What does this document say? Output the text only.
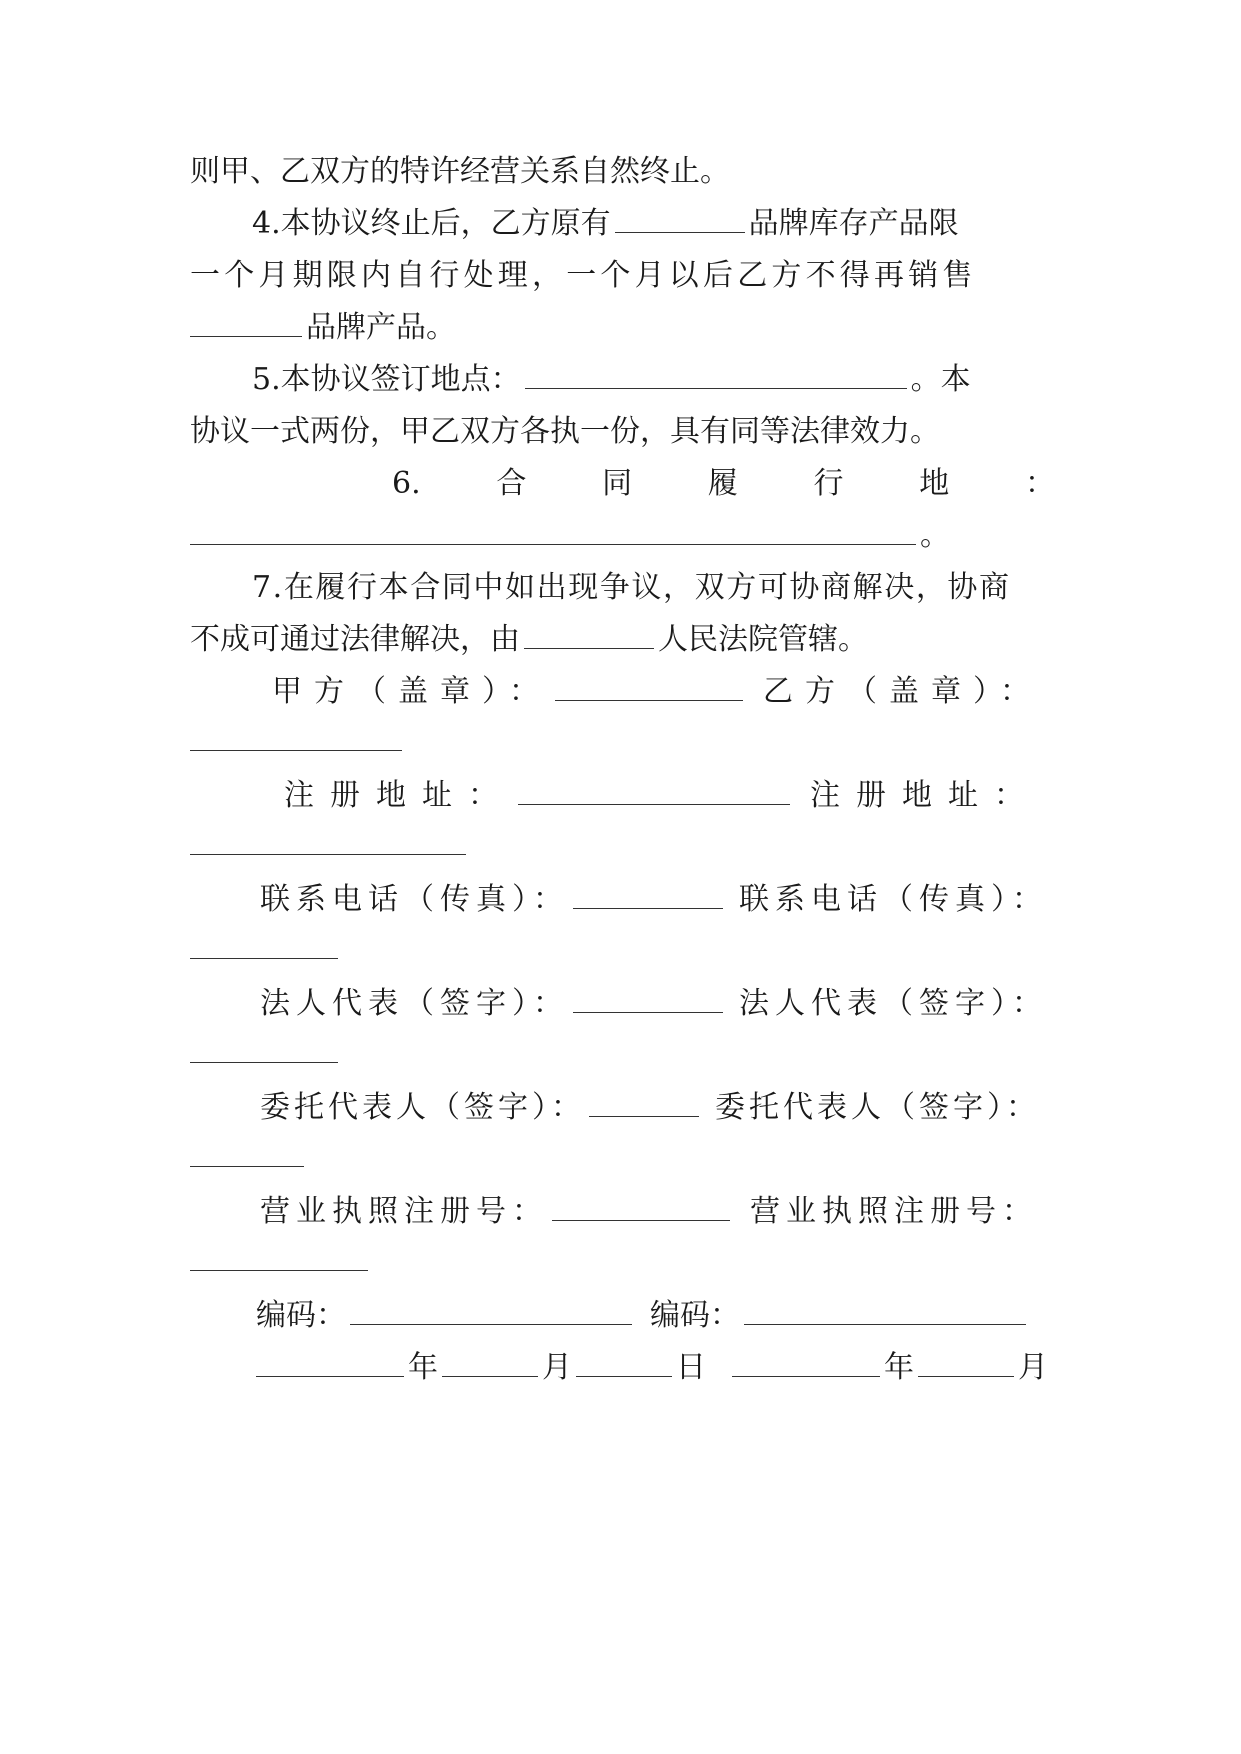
则甲、乙双方的特许经营关系自然终止。
4.本协议终止后，乙方原有	品牌库存产品限
一个月期限内自行处理，一个月以后乙方不得再销售
品牌产品。
5.本协议签订地点：	。本
协议一式两份，甲乙双方各执一份，具有同等法律效力。
6.	合	同	履	行	地	：
。
7.在履行本合同中如出现争议，双方可协商解决，协商
不成可通过法律解决，由	人民法院管辖。
甲方（盖章）：	乙方（盖章）：
注册地址：	注册地址：
联系电话（传真）：	联系电话（传真）：
法人代表（签字）：	法人代表（签字）：
委托代表人（签字）：	委托代表人（签字）：
营业执照注册号：	营业执照注册号：
编码：	编码：
年	月	日	年	月
